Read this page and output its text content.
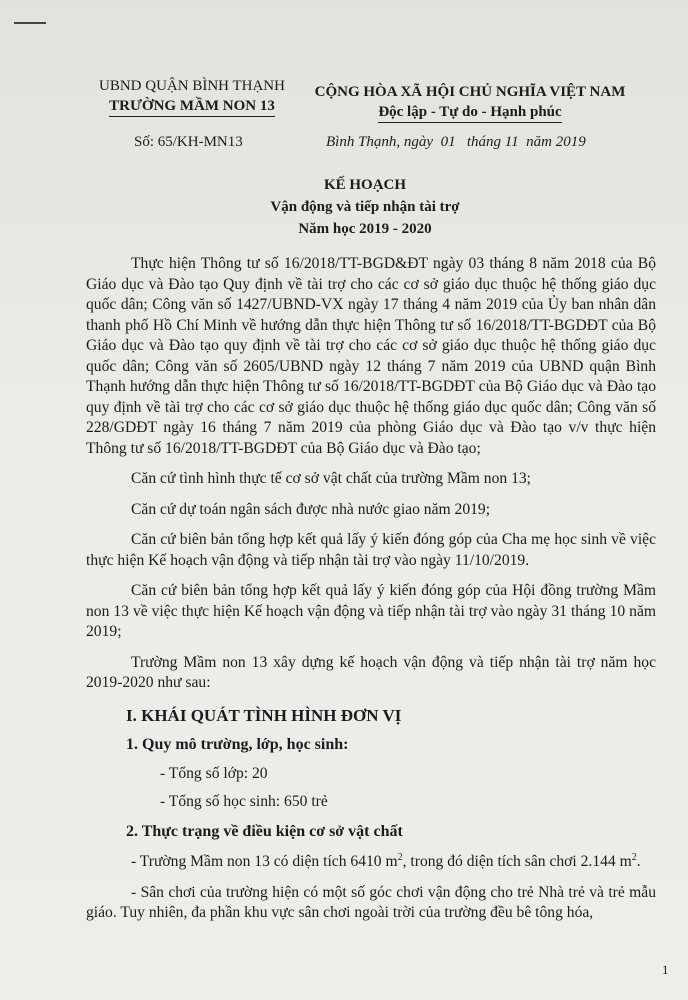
UBND QUẬN BÌNH THẠNH
TRƯỜNG MẦM NON 13
CỘNG HÒA XÃ HỘI CHỦ NGHĨA VIỆT NAM
Độc lập - Tự do - Hạnh phúc
Số: 65/KH-MN13	Bình Thạnh, ngày  01   tháng 11  năm 2019
KẾ HOẠCH
Vận động và tiếp nhận tài trợ
Năm học 2019 - 2020

Thực hiện Thông tư số 16/2018/TT-BGD&ĐT ngày 03 tháng 8 năm 2018 của Bộ Giáo dục và Đào tạo Quy định về tài trợ cho các cơ sở giáo dục thuộc hệ thống giáo dục quốc dân; Công văn số 1427/UBND-VX ngày 17 tháng 4 năm 2019 của Ủy ban nhân dân thanh phố Hồ Chí Minh về hướng dẫn thực hiện Thông tư số 16/2018/TT-BGDĐT của Bộ Giáo dục và Đào tạo quy định về tài trợ cho các cơ sở giáo dục thuộc hệ thống giáo dục quốc dân; Công văn số 2605/UBND ngày 12 tháng 7 năm 2019 của UBND quận Bình Thạnh hướng dẫn thực hiện Thông tư số 16/2018/TT-BGDĐT của Bộ Giáo dục và Đào tạo quy định về tài trợ cho các cơ sở giáo dục thuộc hệ thống giáo dục quốc dân; Công văn số 228/GDĐT ngày 16 tháng 7 năm 2019 của phòng Giáo dục và Đào tạo v/v thực hiện Thông tư số 16/2018/TT-BGDĐT của Bộ Giáo dục và Đào tạo;

Căn cứ tình hình thực tế cơ sở vật chất của trường Mầm non 13;

Căn cứ dự toán ngân sách được nhà nước giao năm 2019;

Căn cứ biên bản tổng hợp kết quả lấy ý kiến đóng góp của Cha mẹ học sinh về việc thực hiện Kế hoạch vận động và tiếp nhận tài trợ vào ngày 11/10/2019.

Căn cứ biên bản tổng hợp kết quả lấy ý kiến đóng góp của Hội đồng trường Mầm non 13 về việc thực hiện Kế hoạch vận động và tiếp nhận tài trợ vào ngày 31 tháng 10 năm 2019;

Trường Mầm non 13 xây dựng kế hoạch vận động và tiếp nhận tài trợ năm học 2019-2020 như sau:

I. KHÁI QUÁT TÌNH HÌNH ĐƠN VỊ

1. Quy mô trường, lớp, học sinh:

- Tổng số lớp: 20

- Tổng số học sinh: 650 trẻ

2. Thực trạng về điều kiện cơ sở vật chất

- Trường Mầm non 13 có diện tích 6410 $m^2$, trong đó diện tích sân chơi 2.144 $m^2$.

- Sân chơi của trường hiện có một số góc chơi vận động cho trẻ Nhà trẻ và trẻ mẫu giáo. Tuy nhiên, đa phần khu vực sân chơi ngoài trời của trường đều bê tông hóa,

1
